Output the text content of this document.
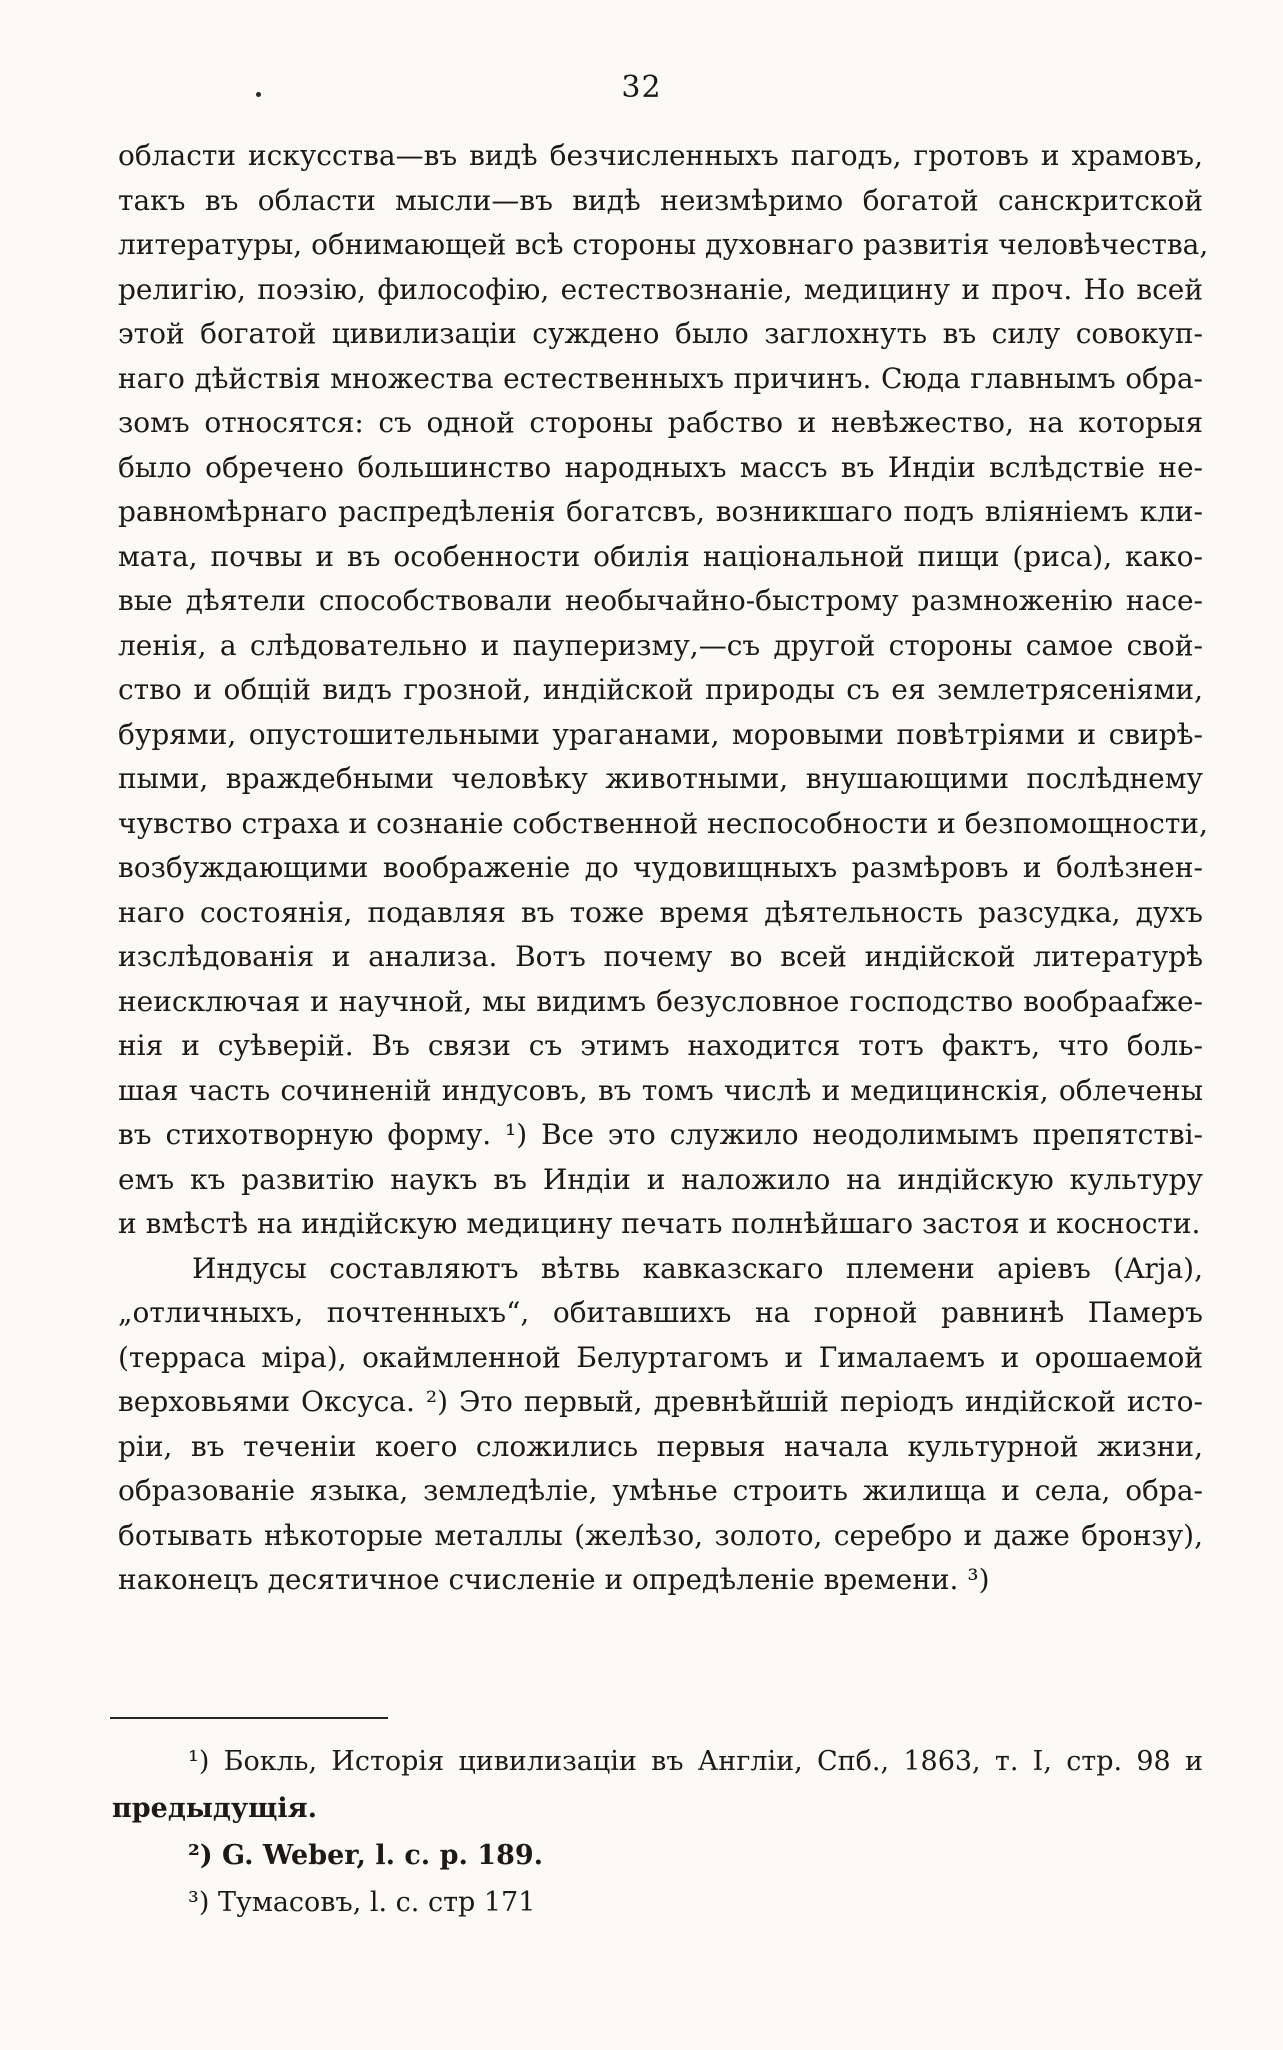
32
области искусства—въ видѣ безчисленныхъ пагодъ, гротовъ и храмовъ,
такъ въ области мысли—въ видѣ неизмѣримо богатой санскритской
литературы, обнимающей всѣ стороны духовнаго развитія человѣчества,
религію, поэзію, философію, естествознаніе, медицину и проч. Но всей
этой богатой цивилизаціи суждено было заглохнуть въ силу совокуп-
наго дѣйствія множества естественныхъ причинъ. Сюда главнымъ обра-
зомъ относятся: съ одной стороны рабство и невѣжество, на которыя
было обречено большинство народныхъ массъ въ Индіи вслѣдствіе не-
равномѣрнаго распредѣленія богатсвъ, возникшаго подъ вліяніемъ кли-
мата, почвы и въ особенности обилія національной пищи (риса), како-
вые дѣятели способствовали необычайно-быстрому размноженію насе-
ленія, а слѣдовательно и пауперизму,—съ другой стороны самое свой-
ство и общій видъ грозной, индійской природы съ ея землетрясеніями,
бурями, опустошительными ураганами, моровыми повѣтріями и свирѣ-
пыми, враждебными человѣку животными, внушающими послѣднему
чувство страха и сознаніе собственной неспособности и безпомощности,
возбуждающими воображеніе до чудовищныхъ размѣровъ и болѣзнен-
наго состоянія, подавляя въ тоже время дѣятельность разсудка, духъ
изслѣдованія и анализа. Вотъ почему во всей индійской литературѣ
неисключая и научной, мы видимъ безусловное господство вообраafже-
нія и суѣверій. Въ связи съ этимъ находится тотъ фактъ, что боль-
шая часть сочиненій индусовъ, въ томъ числѣ и медицинскія, облечены
въ стихотворную форму. ¹) Все это служило неодолимымъ препятстві-
емъ къ развитію наукъ въ Индіи и наложило на индійскую культуру
и вмѣстѣ на индійскую медицину печать полнѣйшаго застоя и косности.
Индусы составляютъ вѣтвь кавказскаго племени аріевъ (Arja),
„отличныхъ, почтенныхъ“, обитавшихъ на горной равнинѣ Памеръ
(терраса міра), окаймленной Белуртагомъ и Гималаемъ и орошаемой
верховьями Оксуса. ²) Это первый, древнѣйшій періодъ индійской исто-
ріи, въ теченіи коего сложились первыя начала культурной жизни,
образованіе языка, земледѣліе, умѣнье строить жилища и села, обра-
ботывать нѣкоторые металлы (желѣзо, золото, серебро и даже бронзу),
наконецъ десятичное счисленіе и опредѣленіе времени. ³)
¹) Бокль, Исторія цивилизаціи въ Англіи, Спб., 1863, т. I, стр. 98 и
предыдущія.
²) G. Weber, l. c. p. 189.
³) Тумасовъ, l. c. стр 171
